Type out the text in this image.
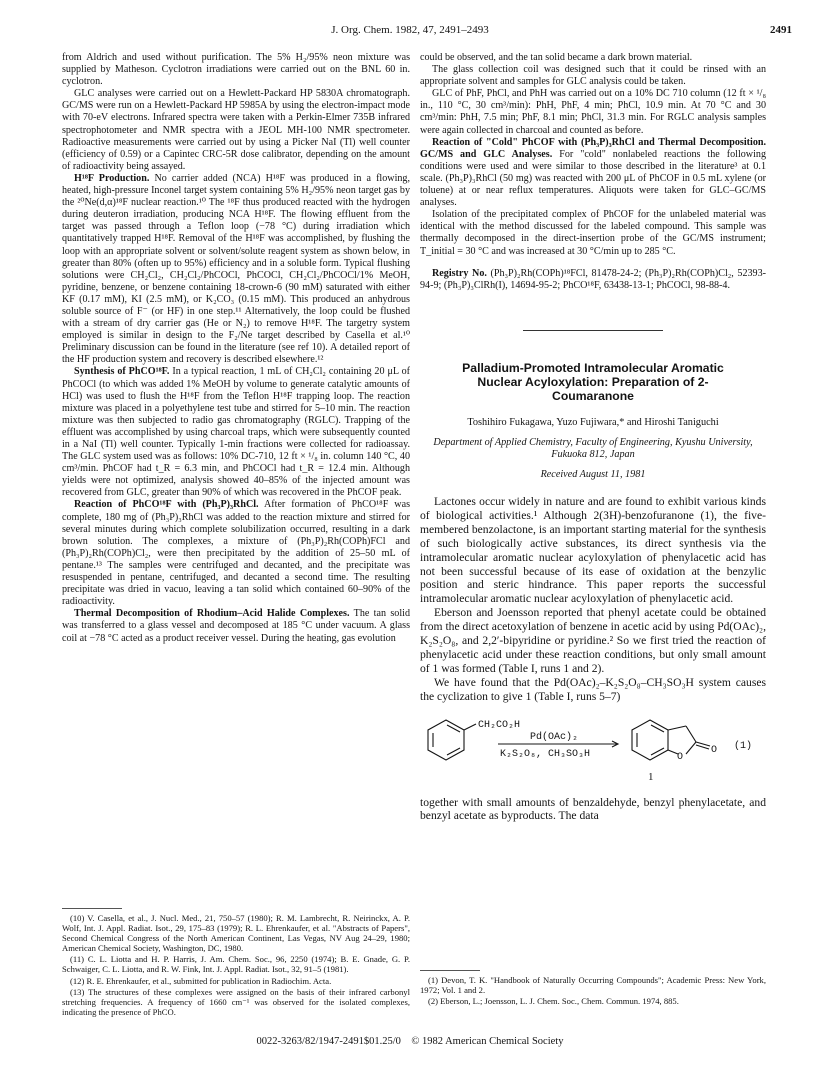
J. Org. Chem. 1982, 47, 2491–2493	2491

from Aldrich and used without purification. The 5% H₂/95% neon mixture was supplied by Matheson. Cyclotron irradiations were carried out on the BNL 60 in. cyclotron.

GLC analyses were carried out on a Hewlett-Packard HP 5830A chromatograph. GC/MS were run on a Hewlett-Packard HP 5985A by using the electron-impact mode with 70-eV electrons. Infrared spectra were taken with a Perkin-Elmer 735B infrared spectrophotometer and NMR spectra with a JEOL MH-100 NMR spectrometer. Radioactive measurements were carried out by using a Picker NaI (Tl) well counter (efficiency of 0.59) or a Capintec CRC-5R dose calibrator, depending on the amount of radioactivity being assayed.

H¹⁸F Production. No carrier added (NCA) H¹⁸F was produced in a flowing, heated, high-pressure Inconel target system containing 5% H₂/95% neon target gas by the ²⁰Ne(d,α)¹⁸F nuclear reaction.¹⁰ The ¹⁸F thus produced reacted with the hydrogen during deuteron irradiation, producing NCA H¹⁸F. The flowing effluent from the target was passed through a Teflon loop (−78 °C) during irradiation which quantitatively trapped H¹⁸F. Removal of the H¹⁸F was accomplished, by flushing the loop with an appropriate solvent or solvent/solute reagent system as shown below, in greater than 80% (often up to 95%) efficiency and in a soluble form. Typical flushing solutions were CH₂Cl₂, CH₂Cl₂/PhCOCl, PhCOCl, CH₂Cl₂/PhCOCl/1% MeOH, pyridine, benzene, or benzene containing 18-crown-6 (90 mM) saturated with either KF (0.17 mM), KI (2.5 mM), or K₂CO₃ (0.15 mM). This produced an anhydrous soluble source of F⁻ (or HF) in one step.¹¹ Alternatively, the loop could be flushed with a stream of dry carrier gas (He or N₂) to remove H¹⁸F. The targetry system employed is similar in design to the F₂/Ne target described by Casella et al.¹⁰ Preliminary discussion can be found in the literature (see ref 10). A detailed report of the HF production system and recovery is described elsewhere.¹²

Synthesis of PhCO¹⁸F. In a typical reaction, 1 mL of CH₂Cl₂ containing 20 μL of PhCOCl (to which was added 1% MeOH by volume to generate catalytic amounts of HCl) was used to flush the H¹⁸F from the Teflon H¹⁸F trapping loop. The reaction mixture was placed in a polyethylene test tube and stirred for 5–10 min. The reaction mixture was then subjected to radio gas chromatography (RGLC). Trapping of the effluent was accomplished by using charcoal traps, which were subsequently counted in a NaI (Tl) well counter. Typically 1-min fractions were collected for radioassay. The GLC system used was as follows: 10% DC-710, 12 ft × ¹/₈ in. column 140 °C, 40 cm³/min. PhCOF had t_R = 6.3 min, and PhCOCl had t_R = 12.4 min. Although yields were not optimized, analysis showed 40–85% of the injected amount was recovered from GLC, greater than 90% of which was recovered in the PhCOF peak.

Reaction of PhCO¹⁸F with (Ph₃P)₃RhCl. After formation of PhCO¹⁸F was complete, 180 mg of (Ph₃P)₃RhCl was added to the reaction mixture and stirred for several minutes during which complete solubilization occurred, resulting in a dark brown solution. The complexes, a mixture of (Ph₃P)₂Rh(COPh)FCl and (Ph₃P)₂Rh(COPh)Cl₂, were then precipitated by the addition of 25–50 mL of pentane.¹³ The samples were centrifuged and decanted, and the precipitate was resuspended in pentane, centrifuged, and decanted a second time. The resulting precipitate was dried in vacuo, leaving a tan solid which contained 60–90% of the radioactivity.

Thermal Decomposition of Rhodium–Acid Halide Complexes. The tan solid was transferred to a glass vessel and decomposed at 185 °C under vacuum. A glass coil at −78 °C acted as a product receiver vessel. During the heating, gas evolution

(10) V. Casella, et al., J. Nucl. Med., 21, 750–57 (1980); R. M. Lambrecht, R. Neirinckx, A. P. Wolf, Int. J. Appl. Radiat. Isot., 29, 175–83 (1979); R. L. Ehrenkaufer, et al. "Abstracts of Papers", Second Chemical Congress of the North American Continent, Las Vegas, NV Aug 24–29, 1980; American Chemical Society, Washington, DC, 1980.

(11) C. L. Liotta and H. P. Harris, J. Am. Chem. Soc., 96, 2250 (1974); B. E. Gnade, G. P. Schwaiger, C. L. Liotta, and R. W. Fink, Int. J. Appl. Radiat. Isot., 32, 91–5 (1981).

(12) R. E. Ehrenkaufer, et al., submitted for publication in Radiochim. Acta.

(13) The structures of these complexes were assigned on the basis of their infrared carbonyl stretching frequencies. A frequency of 1660 cm⁻¹ was observed for the isolated complexes, indicating the presence of PhCO.

could be observed, and the tan solid became a dark brown material.

The glass collection coil was designed such that it could be rinsed with an appropriate solvent and samples for GLC analysis could be taken.

GLC of PhF, PhCl, and PhH was carried out on a 10% DC 710 column (12 ft × ¹/₈ in., 110 °C, 30 cm³/min): PhH, PhF, 4 min; PhCl, 10.9 min. At 70 °C and 30 cm³/min: PhH, 7.5 min; PhF, 8.1 min; PhCl, 31.3 min. For RGLC analysis samples were again collected in charcoal and counted as before.

Reaction of "Cold" PhCOF with (Ph₃P)₃RhCl and Thermal Decomposition. GC/MS and GLC Analyses. For "cold" nonlabeled reactions the following conditions were used and were similar to those described in the literature³ at 0.1 scale. (Ph₃P)₃RhCl (50 mg) was reacted with 200 μL of PhCOF in 0.5 mL xylene (or toluene) at or near reflux temperatures. Aliquots were taken for GLC–GC/MS analyses.

Isolation of the precipitated complex of PhCOF for the unlabeled material was identical with the method discussed for the labeled compound. This sample was thermally decomposed in the direct-insertion probe of the GC/MS instrument; T_initial = 30 °C and was increased at 30 °C/min up to 285 °C.

Registry No. (Ph₃P)₂Rh(COPh)¹⁸FCl, 81478-24-2; (Ph₃P)₂Rh(COPh)Cl₂, 52393-94-9; (Ph₃P)₃ClRh(I), 14694-95-2; PhCO¹⁸F, 63438-13-1; PhCOCl, 98-88-4.

Palladium-Promoted Intramolecular Aromatic Nuclear Acyloxylation: Preparation of 2-Coumaranone
Toshihiro Fukagawa, Yuzo Fujiwara,* and Hiroshi Taniguchi
Department of Applied Chemistry, Faculty of Engineering, Kyushu University, Fukuoka 812, Japan
Received August 11, 1981

Lactones occur widely in nature and are found to exhibit various kinds of biological activities.¹ Although 2(3H)-benzofuranone (1), the five-membered benzolactone, is an important starting material for the synthesis of such biologically active substances, its direct synthesis via the intramolecular aromatic nuclear acyloxylation of phenylacetic acid has not been successful because of its ease of oxidation at the benzylic position and steric hindrance. This paper reports the successful intramolecular aromatic nuclear acyloxylation of phenylacetic acid.

Eberson and Joensson reported that phenyl acetate could be obtained from the direct acetoxylation of benzene in acetic acid by using Pd(OAc)₂, K₂S₂O₈, and 2,2′-bipyridine or pyridine.² So we first tried the reaction of phenylacetic acid under these reaction conditions, but only small amount of 1 was formed (Table I, runs 1 and 2).

We have found that the Pd(OAc)₂–K₂S₂O₈–CH₃SO₃H system causes the cyclization to give 1 (Table I, runs 5–7)

CH₂CO₂H
Pd(OAc)₂
K₂S₂O₈, CH₃SO₃H	O
O
1
(1)

together with small amounts of benzaldehyde, benzyl phenylacetate, and benzyl acetate as byproducts. The data

(1) Devon, T. K. "Handbook of Naturally Occurring Compounds"; Academic Press: New York, 1972; Vol. 1 and 2.

(2) Eberson, L.; Joensson, L. J. Chem. Soc., Chem. Commun. 1974, 885.

0022-3263/82/1947-2491$01.25/0 © 1982 American Chemical Society
